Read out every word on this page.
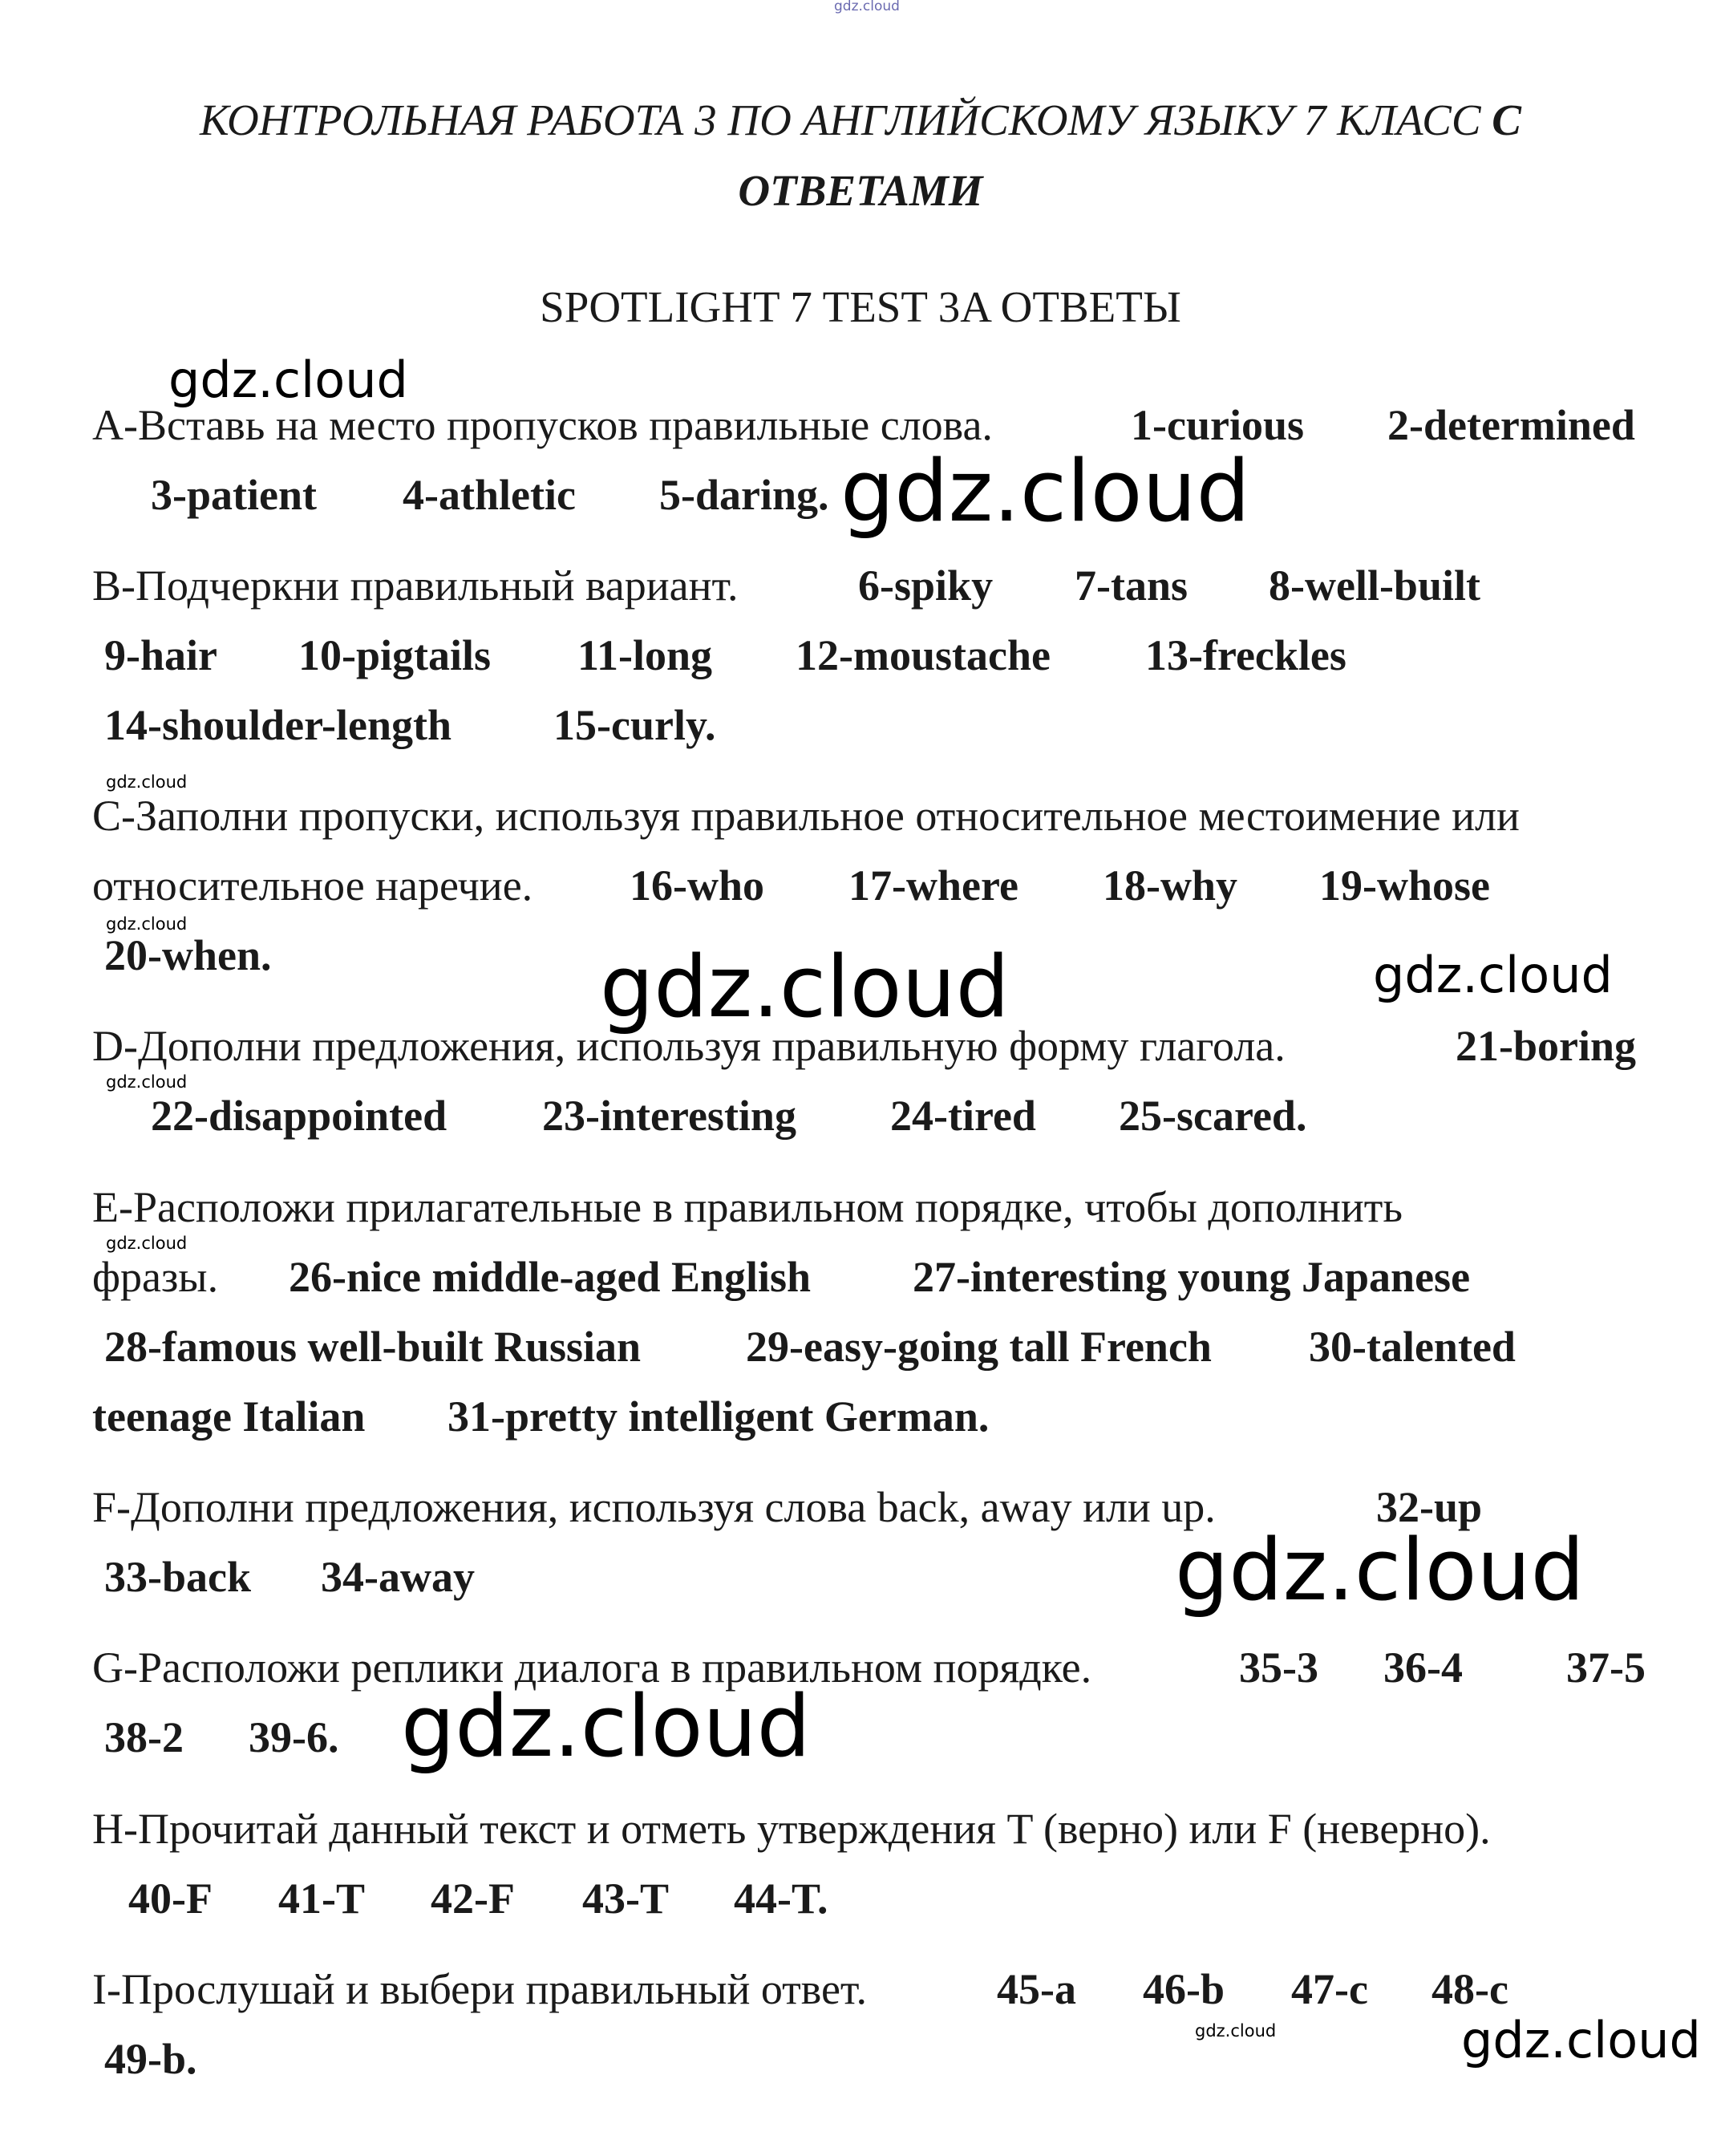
КОНТРОЛЬНАЯ РАБОТА 3 ПО АНГЛИЙСКОМУ ЯЗЫКУ 7 КЛАСС С
ОТВЕТАМИ
SPOTLIGHT 7 TEST 3A ОТВЕТЫ
A-Вставь на место пропусков правильные слова.	1-curious 2-determined
3-patient 4-athletic 5-daring.
B-Подчеркни правильный вариант.	6-spiky 7-tans 8-well-built
9-hair 10-pigtails 11-long 12-moustache 13-freckles
14-shoulder-length 15-curly.
C-Заполни пропуски, используя правильное относительное местоимение или
относительное наречие. 16-who 17-where 18-why 19-whose
20-when.
D-Дополни предложения, используя правильную форму глагола.	21-boring
22-disappointed 23-interesting 24-tired 25-scared.
E-Расположи прилагательные в правильном порядке, чтобы дополнить
фразы. 26-nice middle-aged English 27-interesting young Japanese
28-famous well-built Russian 29-easy-going tall French 30-talented
teenage Italian 31-pretty intelligent German.
F-Дополни предложения, используя слова back, away или up.	32-up
33-back 34-away
G-Расположи реплики диалога в правильном порядке.	35-3 36-4 37-5
38-2 39-6.
H-Прочитай данный текст и отметь утверждения T (верно) или F (неверно).
40-F 41-T 42-F 43-T 44-T.
I-Прослушай и выбери правильный ответ.	45-a 46-b 47-c 48-c
49-b.
gdz.cloud
gdz.cloud
gdz.cloud
gdz.cloud
gdz.cloud
gdz.cloud	gdz.cloud
gdz.cloud
gdz.cloud
gdz.cloud
gdz.cloud
gdz.cloud	gdz.cloud
